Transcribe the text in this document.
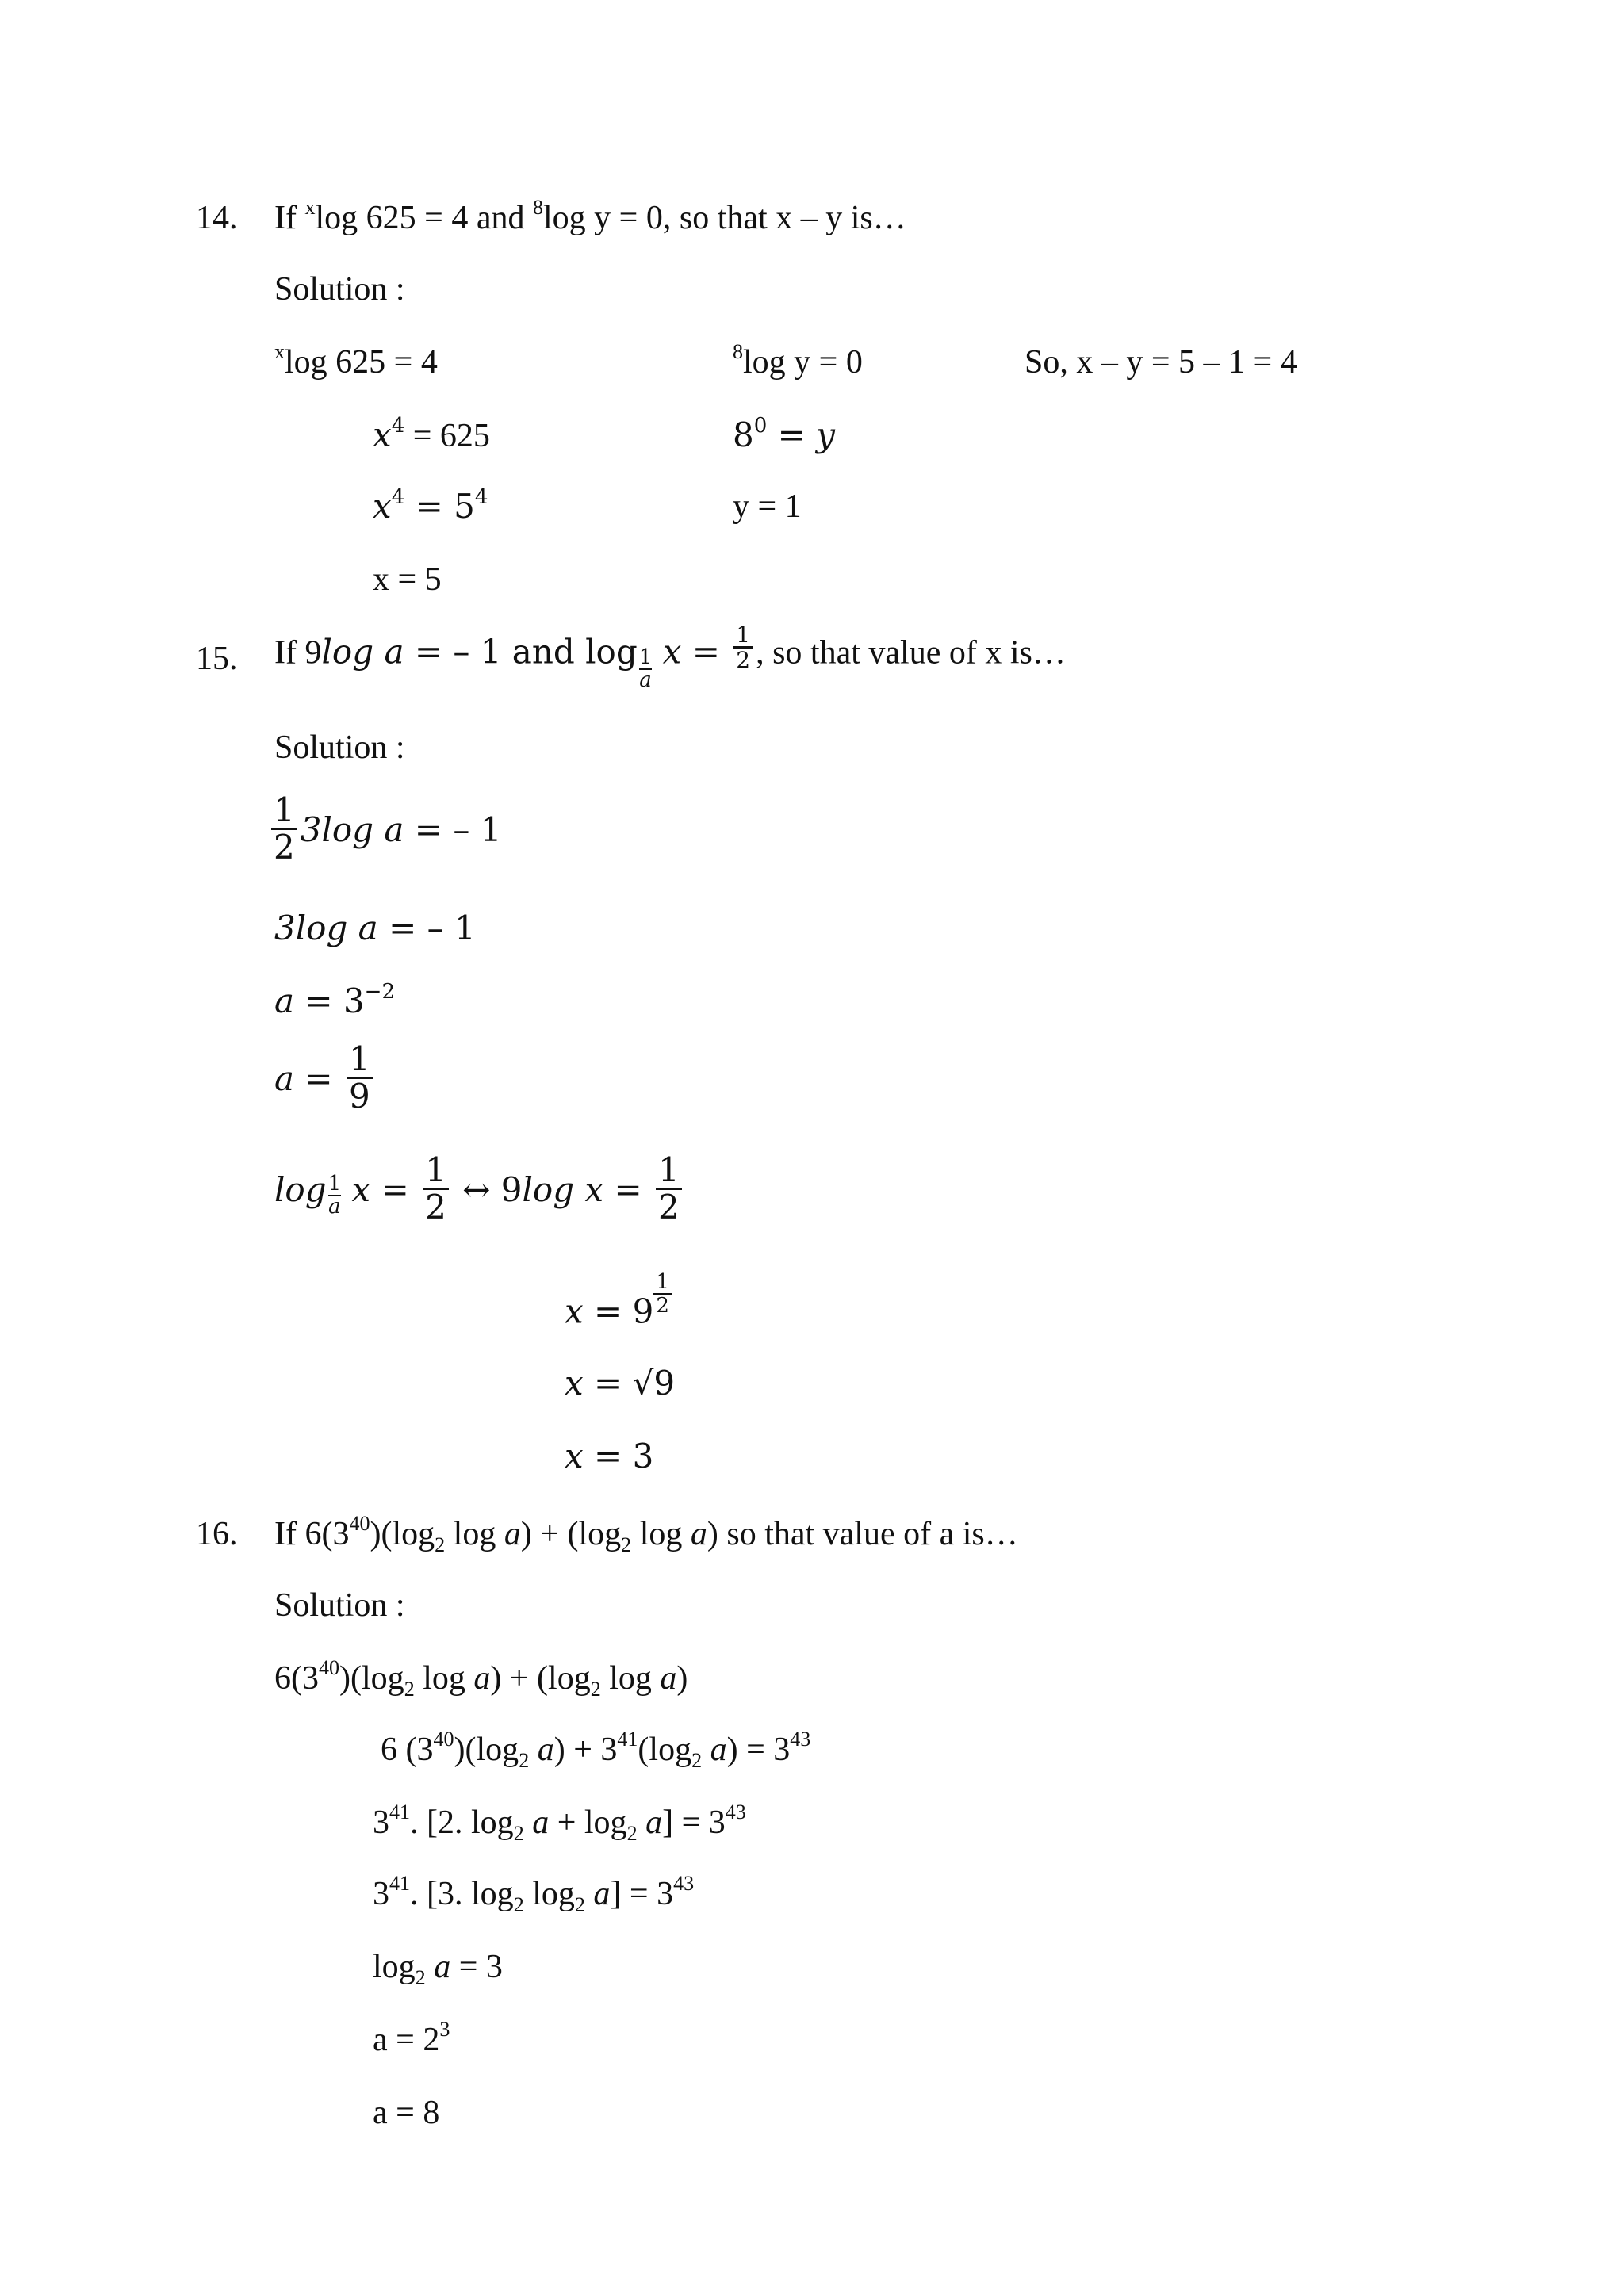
14. If $^x$log 625 = 4 and $^8$log y = 0, so that x – y is…
Solution :
$^x$log 625 = 4
$x^4 = 625$
$x^4 = 5^4$
x = 5
$^8$log y = 0
$8^0 = y$
y = 1
So, x – y = 5 – 1 = 4
15. If 9log a = – 1 and $\log \frac{1}{a}$ $x = \frac{1}{2}$ , so that value of x is…
Solution :
$\frac{1}{2} 3\log$ a = – 1
3log a = – 1
$a = 3^{-2}$
$a = \frac{1}{9}$
$\log \frac{1}{a}$ $x = \frac{1}{2}$ ↔ 9log $x = \frac{1}{2}$
$x = 9 \frac{1}{2}$
x = √9
x = 3
16. If $6(3^{40})(\log_2$ $\log a) + (\log_2$ log a) so that value of a is…
Solution :
$6(3^{40})(\log_2$ $\log a) + (\log_2$ log a)
6 $(3^{40})(\log_2$ $a) + 3^{41}(\log_2$ $a) = 3^{43}$
$3^{41}$. [2. $\log_2 a + \log_2 a] = 3^{43}$
$3^{41}$. [3. $\log_2 \log_2 a] = 3^{43}$
$\log_2 a = 3$
$a = 2^3$
a = 8
